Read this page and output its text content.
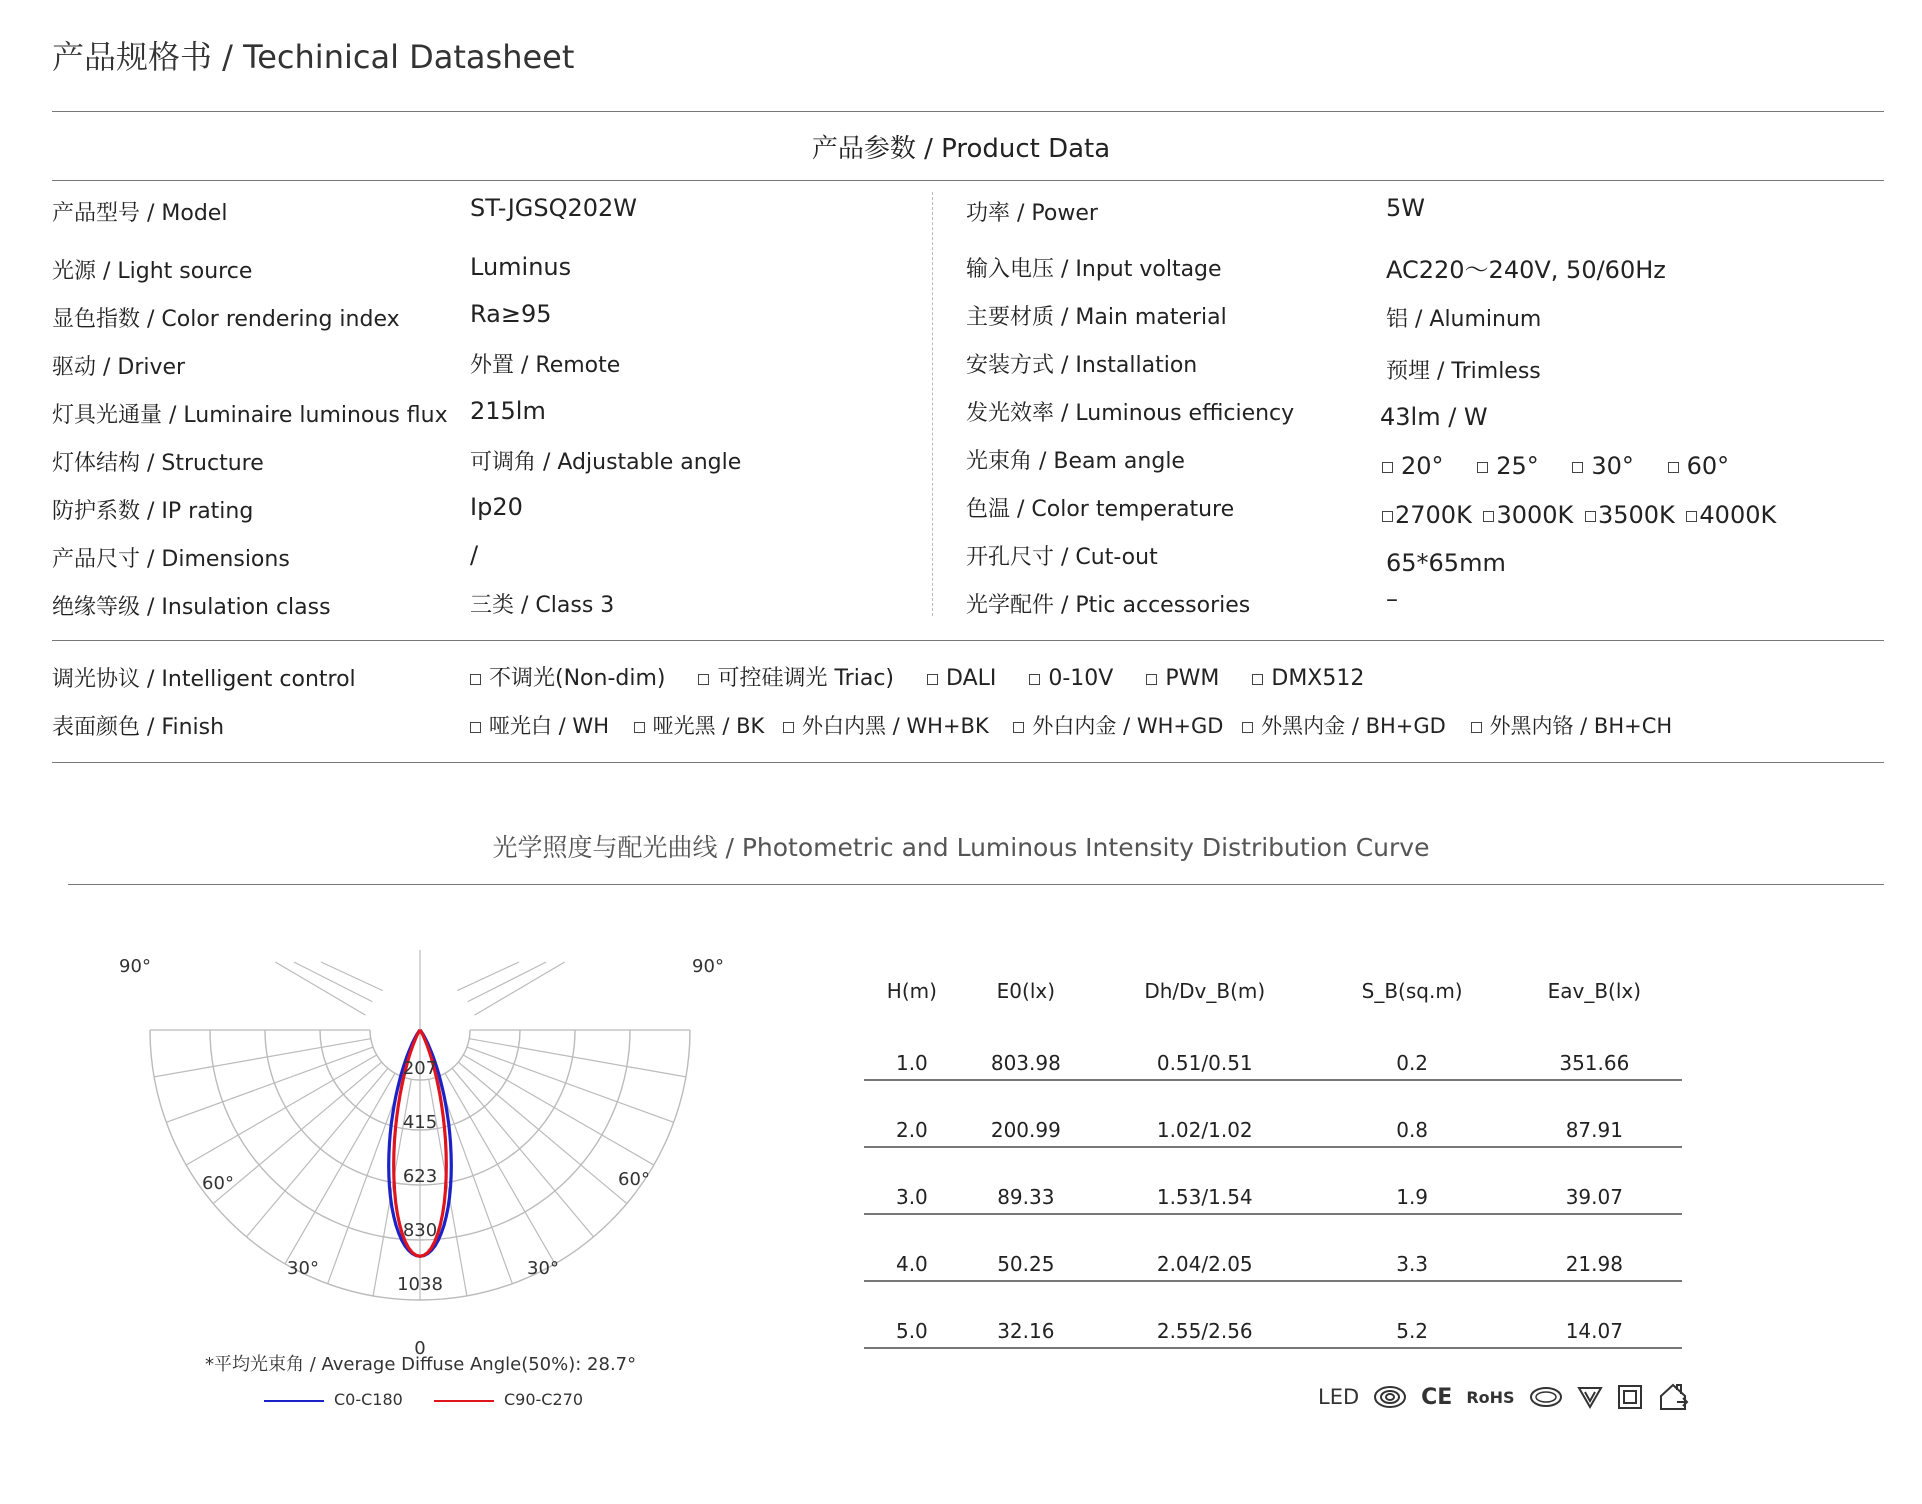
产品规格书 / Techinical Datasheet
产品参数 / Product Data
产品型号 / Model	ST-JGSQ202W
光源 / Light source	Luminus
显色指数 / Color rendering index	Ra≥95
驱动 / Driver	外置 / Remote
灯具光通量 / Luminaire luminous flux 215lm
灯体结构 / Structure	可调角 / Adjustable angle
防护系数 / IP rating	Ip20
产品尺寸 / Dimensions	/
绝缘等级 / Insulation class	三类 / Class 3
功率 / Power	5W
输入电压 / Input voltage	AC220～240V, 50/60Hz
主要材质 / Main material	铝 / Aluminum
安装方式 / Installation	预埋 / Trimless
发光效率 / Luminous efficiency	43lm / W
光束角 / Beam angle	20° 25° 30° 60°
色温 / Color temperature	2700K 3000K 3500K 4000K
开孔尺寸 / Cut-out	65*65mm
光学配件 / Ptic accessories	–
调光协议 / Intelligent control	不调光(Non-dim) 可控硅调光 Triac) DALI 0-10V PWM DMX512
表面颜色 / Finish	哑光白 / WH 哑光黑 / BK 外白内黑 / WH+BK 外白内金 / WH+GD 外黑内金 / BH+GD 外黑内铬 / BH+CH
光学照度与配光曲线 / Photometric and Luminous Intensity Distribution Curve
207
415
623
830
1038
90°	90°
60°	60°
30°	30°
0
*平均光束角 / Average Diffuse Angle(50%): 28.7°
C0-C180	C90-C270
H(m)	E0(lx)	Dh/Dv_B(m)	S_B(sq.m)	Eav_B(lx)
1.0	803.98	0.51/0.51	0.2	351.66
2.0	200.99	1.02/1.02	0.8	87.91
3.0	89.33	1.53/1.54	1.9	39.07
4.0	50.25	2.04/2.05	3.3	21.98
5.0	32.16	2.55/2.56	5.2	14.07
LED	CE RoHS
